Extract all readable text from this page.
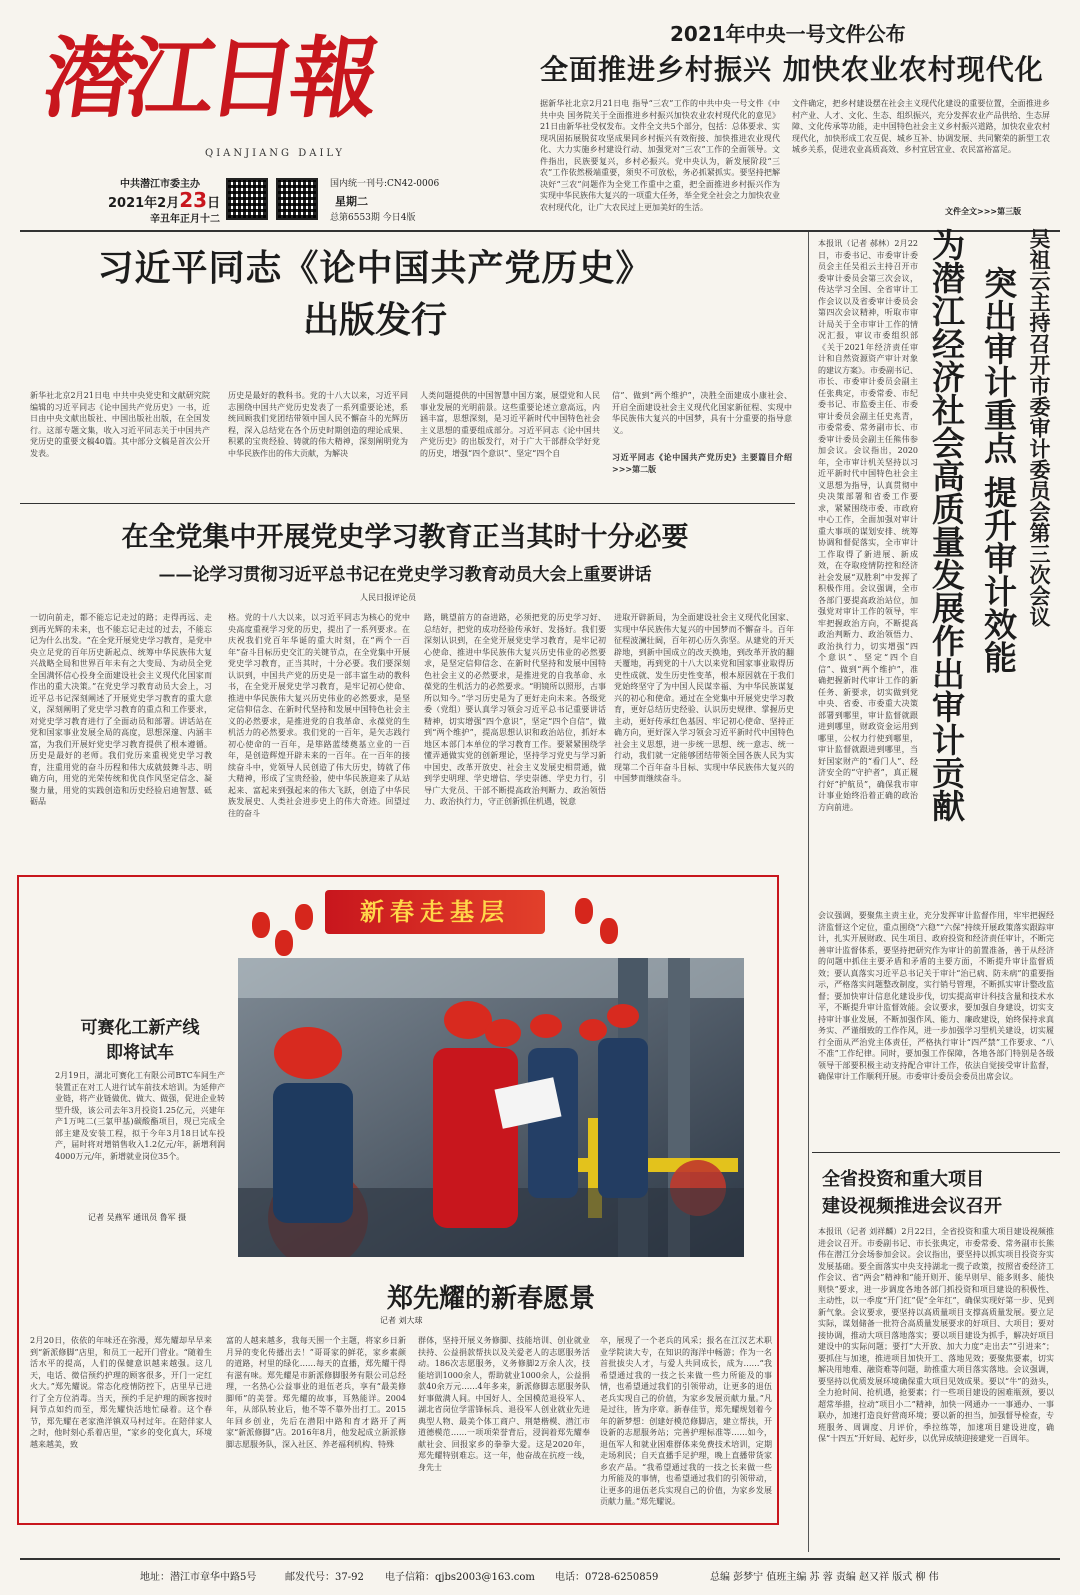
潜江日報
QIANJIANG DAILY
中共潜江市委主办
2021年2月23日
辛丑年正月十二
国内统一刊号:CN42-0006
星期二
总第6553期 今日4版
2021年中央一号文件公布
全面推进乡村振兴 加快农业农村现代化
据新华社北京2月21日电 指导“三农”工作的中共中央一号文件《中共中央 国务院关于全面推进乡村振兴加快农业农村现代化的意见》21日由新华社受权发布。文件全文共5个部分，包括：总体要求、实现巩固拓展脱贫攻坚成果同乡村振兴有效衔接、加快推进农业现代化、大力实施乡村建设行动、加强党对“三农”工作的全面领导。文件指出，民族要复兴，乡村必振兴。党中央认为，新发展阶段“三农”工作依然极端重要，须臾不可放松，务必抓紧抓实。要坚持把解决好“三农”问题作为全党工作重中之重，把全面推进乡村振兴作为实现中华民族伟大复兴的一项重大任务，举全党全社会之力加快农业农村现代化，让广大农民过上更加美好的生活。
文件确定，把乡村建设摆在社会主义现代化建设的重要位置，全面推进乡村产业、人才、文化、生态、组织振兴，充分发挥农业产品供给、生态屏障、文化传承等功能，走中国特色社会主义乡村振兴道路，加快农业农村现代化，加快形成工农互促、城乡互补、协调发展、共同繁荣的新型工农城乡关系，促进农业高质高效、乡村宜居宜业、农民富裕富足。
文件全文>>>第三版
习近平同志《论中国共产党历史》
出版发行
新华社北京2月21日电 中共中央党史和文献研究院编辑的习近平同志《论中国共产党历史》一书，近日由中央文献出版社、中国出版社出版，在全国发行。这部专题文集，收入习近平同志关于中国共产党历史的重要文稿40篇。其中部分文稿是首次公开发表。
历史是最好的教科书。党的十八大以来，习近平同志围绕中国共产党历史发表了一系列重要论述，系统回顾我们党团结带领中国人民不懈奋斗的光辉历程，深入总结党在各个历史时期创造的理论成果、积累的宝贵经验、铸就的伟大精神，深刻阐明党为中华民族作出的伟大贡献，为解决
人类问题提供的中国智慧中国方案，展望党和人民事业发展的光明前景。这些重要论述立意高远，内涵丰富，思想深刻，是习近平新时代中国特色社会主义思想的重要组成部分。习近平同志《论中国共产党历史》的出版发行，对于广大干部群众学好党的历史，增强“四个意识”、坚定“四个自
信”、做到“两个维护”，决胜全面建成小康社会、开启全面建设社会主义现代化国家新征程、实现中华民族伟大复兴的中国梦，具有十分重要的指导意义。
习近平同志《论中国共产党历史》主要篇目介绍>>>第二版
在全党集中开展党史学习教育正当其时十分必要
——论学习贯彻习近平总书记在党史学习教育动员大会上重要讲话
人民日报评论员
一切向前走，都不能忘记走过的路；走得再远、走到再光辉的未来，也不能忘记走过的过去，不能忘记为什么出发。“在全党开展党史学习教育，是党中央立足党的百年历史新起点、统筹中华民族伟大复兴战略全局和世界百年未有之大变局、为动员全党全国满怀信心投身全面建设社会主义现代化国家而作出的重大决策。”在党史学习教育动员大会上，习近平总书记深刻阐述了开展党史学习教育的重大意义，深刻阐明了党史学习教育的重点和工作要求，对党史学习教育进行了全面动员和部署。讲话站在党和国家事业发展全局的高度，思想深邃、内涵丰富，为我们开展好党史学习教育提供了根本遵循。历史是最好的老师。我们党历来重视党史学习教育，注重用党的奋斗历程和伟大成就鼓舞斗志、明确方向，用党的光荣传统和优良作风坚定信念、凝聚力量，用党的实践创造和历史经验启迪智慧、砥砺品
格。党的十八大以来，以习近平同志为核心的党中央高度重视学习党的历史，提出了一系列要求。在庆祝我们党百年华诞的重大时刻，在“两个一百年”奋斗目标历史交汇的关键节点，在全党集中开展党史学习教育，正当其时，十分必要。我们要深刻认识到，中国共产党的历史是一部丰富生动的教科书，在全党开展党史学习教育，是牢记初心使命、推进中华民族伟大复兴历史伟业的必然要求，是坚定信仰信念、在新时代坚持和发展中国特色社会主义的必然要求，是推进党的自我革命、永葆党的生机活力的必然要求。我们党的一百年，是矢志践行初心使命的一百年，是筚路蓝缕奠基立业的一百年，是创造辉煌开辟未来的一百年。在一百年的接续奋斗中，党领导人民创造了伟大历史，铸就了伟大精神，形成了宝贵经验，使中华民族迎来了从站起来、富起来到强起来的伟大飞跃，创造了中华民族发展史、人类社会进步史上的伟大奇迹。回望过往的奋斗
路，眺望前方的奋进路，必须把党的历史学习好、总结好，把党的成功经验传承好、发扬好。我们要深刻认识到，在全党开展党史学习教育，是牢记初心使命、推进中华民族伟大复兴历史伟业的必然要求，是坚定信仰信念、在新时代坚持和发展中国特色社会主义的必然要求，是推进党的自我革命、永葆党的生机活力的必然要求。“明镜所以照形，古事所以知今。”学习历史是为了更好走向未来。各级党委（党组）要认真学习领会习近平总书记重要讲话精神，切实增强“四个意识”，坚定“四个自信”，做到“两个维护”，提高思想认识和政治站位，抓好本地区本部门本单位的学习教育工作。要紧紧围绕学懂弄通做实党的创新理论，坚持学习党史与学习新中国史、改革开放史、社会主义发展史相贯通，做到学史明理、学史增信、学史崇德、学史力行，引导广大党员、干部不断提高政治判断力、政治领悟力、政治执行力，守正创新抓住机遇，锐意
进取开辟新局，为全面建设社会主义现代化国家、实现中华民族伟大复兴的中国梦而不懈奋斗。百年征程波澜壮阔，百年初心历久弥坚。从建党的开天辟地，到新中国成立的改天换地，到改革开放的翻天覆地，再到党的十八大以来党和国家事业取得历史性成就、发生历史性变革，根本原因就在于我们党始终坚守了为中国人民谋幸福、为中华民族谋复兴的初心和使命。通过在全党集中开展党史学习教育，更好总结历史经验、认识历史规律、掌握历史主动，更好传承红色基因、牢记初心使命、坚持正确方向，更好深入学习领会习近平新时代中国特色社会主义思想，进一步统一思想、统一意志、统一行动，我们就一定能够团结带领全国各族人民为实现第二个百年奋斗目标、实现中华民族伟大复兴的中国梦而继续奋斗。
吴祖云主持召开市委审计委员会第三次会议
突出审计重点 提升审计效能
为潜江经济社会高质量发展作出审计贡献
本报讯（记者 郝林）2月22日，市委书记、市委审计委员会主任吴祖云主持召开市委审计委员会第三次会议，传达学习全国、全省审计工作会议以及省委审计委员会第四次会议精神，听取市审计局关于全市审计工作的情况汇报，审议市委组织部《关于2021年经济责任审计和自然资源资产审计对象的建议方案》。市委副书记、市长、市委审计委员会副主任张典定，市委常委、市纪委书记、市监委主任、市委审计委员会副主任史兆青，市委常委、常务副市长、市委审计委员会副主任熊伟参加会议。会议指出，2020年，全市审计机关坚持以习近平新时代中国特色社会主义思想为指导，认真贯彻中央决策部署和省委工作要求，紧紧围绕市委、市政府中心工作，全面加强对审计重大事项的谋划安排、统筹协调和督促落实，全市审计工作取得了新进展、新成效，在夺取疫情防控和经济社会发展“双胜利”中发挥了积极作用。会议强调，全市各部门要提高政治站位，加强党对审计工作的领导，牢牢把握政治方向，不断提高政治判断力、政治领悟力、政治执行力，切实增强“四个意识”、坚定“四个自信”、做到“两个维护”，准确把握新时代审计工作的新任务、新要求，切实做到党中央、省委、市委重大决策部署到哪里，审计监督就跟进到哪里，财政资金运用到哪里，公权力行使到哪里，审计监督就跟进到哪里，当好国家财产的“看门人”、经济安全的“守护者”，真正履行好“护航员”，确保我市审计事业始终沿着正确的政治方向前进。
会议强调，要聚焦主责主业，充分发挥审计监督作用，牢牢把握经济监督这个定位，重点围绕“六稳”“六保”持续开展政策落实跟踪审计，扎实开展财政、民生项目、政府投资和经济责任审计，不断完善审计监督体系，要坚持把研究作为审计的前置准备，善于从经济的问题中抓住主要矛盾和矛盾的主要方面，不断提升审计监督质效；要认真落实习近平总书记关于审计“治已病、防未病”的重要指示，严格落实问题整改制度，实行销号管理，不断抓实审计整改监督；要加快审计信息化建设步伐，切实提高审计科技含量和技术水平，不断提升审计监督效能。会议要求，要加强自身建设，切实支持审计事业发展，不断加强作风、能力、廉政建设，始终保持求真务实、严谨细致的工作作风，进一步加强学习型机关建设，切实履行全面从严治党主体责任，严格执行审计“四严禁”工作要求、“八不准”工作纪律。同时，要加强工作保障，各地各部门特别是各级领导干部要积极主动支持配合审计工作，依法自觉接受审计监督，确保审计工作顺利开展。市委审计委员会委员出席会议。
全省投资和重大项目
建设视频推进会议召开
本报讯（记者 刘祥麟）2月22日，全省投资和重大项目建设视频推进会议召开。市委副书记、市长张典定，市委常委、常务副市长熊伟在潜江分会场参加会议。会议指出，要坚持以抓实项目投资夯实发展基础。要全面落实中央支持湖北一揽子政策，按照省委经济工作会议、省“两会”精神和“能开则开、能早则早、能多则多、能快则快”要求，进一步调度各地各部门抓投资和项目建设的积极性、主动性，以一季度“开门红”促“全年红”，确保实现好第一步、见到新气象。会议要求，要坚持以高质量项目支撑高质量发展。要立足实际，谋划储备一批符合高质量发展要求的好项目、大项目；要对接协调，推动大项目落地落实；要以项目建设为抓手，解决好项目建设中的实际问题；要打“大开放、加大力度“走出去”“引进来”；要抓住与加速，推进项目加快开工、落地见效；要聚焦要素，切实解决用地难、融资难等问题，助推重大项目落实落地。会议强调，要坚持以优质发展环境确保重大项目见效成果。要以“牛”的劲头，全力抢时间、抢机遇，抢要素；行一些项目建设的困难瓶颈，要以超常举措，拉动“项目小二”精神，加快一网通办一一事通办、一事联办，加速打造良好营商环境；要以新的担当，加强督导检查，专班服务、周调度、月评价，季拉练等，加速项目建设进度，确保“十四五”开好局、起好步，以优异成绩迎接建党一百周年。
新春走基层
可赛化工新产线
即将试车
2月19日，湖北可赛化工有限公司BTC车间生产装置正在对工人进行试车前技术培训。为延伸产业链，将产业链做优、做大、做强，促进企业转型升级，该公司去年3月投资1.25亿元，兴建年产1万吨二(三氯甲基)碳酸酯项目，现已完成全部主建及安装工程，拟于今年3月18日试车投产，届时将对增销售收入1.2亿元/年，新增利润4000万元/年，新增就业岗位35个。
记者 吴燕军 通讯员 鲁军 摄
郑先耀的新春愿景
记者 刘大球
2月20日，依依的年味还在弥漫，郑先耀却早早来到“新派修脚”店里，和员工一起开门营业。“随着生活水平的提高，人们的保健意识越来越强。这几天，电话、微信预约护理的顾客很多，开门一定红火大。”郑先耀说。常态化疫情防控下，店里早已进行了全方位消毒。当天，预约手足护理的顾客按时间节点如约而至，郑先耀快活地忙碌着。这个春节，郑先耀在老家渔洋镇双马村过年。在陪伴家人之时，他时刻心系着店里，“家乡的变化真大，环境越来越美，致
富的人越来越多，我每天围一个主题，将家乡日新月异的变化传播出去！”哥哥家的鲜花，家乡素颜的道路，村里的绿化……每天的直播，郑先耀干得有滋有味。郑先耀是市新派修脚服务有限公司总经理，一名热心公益事业的退伍老兵，享有“最美修脚师”的美誉。郑先耀的故事，耳熟能详。2004年，从部队转业后，他不等不靠外出打工。2015年回乡创业，先后在潜阳中路和育才路开了两家“新派修脚”店。2016年8月，他发起成立新派修脚志愿服务队，深入社区、养老福利机构、特殊
群体，坚持开展义务修脚、技能培训、创业就业扶持、公益捐款帮扶以及关爱老人的志愿服务活动。186次志愿服务，义务修脚2万余人次，技能培训1000余人，帮助就业1000余人，公益捐款40余万元……4年多来，新派修脚志愿服务队好事做满人间。中国好人、全国模范退役军人、湖北省岗位学雷锋标兵、退役军人创业就业先进典型人物、最美个体工商户、荆楚楷模、潜江市道德模范……一项项荣誉背后，浸润着郑先耀奉献社会、回报家乡的拳拳大爱。这是2020年，郑先耀特别难忘。这一年，他奋战在抗疫一线，身先士
卒，展现了一个老兵的风采；报名在江汉艺术职业学院读大专，在知识的海洋中畅游；作为一名首批拔尖人才，与爱人共同成长，成为……“我希望通过我的一技之长来做一些力所能及的事情，也希望通过我们的引领带动，让更多的退伍老兵实现自己的价值，为家乡发展贡献力量。”凡是过往，皆为序章。新春佳节，郑先耀规划着今年的新梦想：创建好模范修脚店，建立帮扶，开设新的志愿服务站；完善护理标准等……如今，退伍军人和就业困难群体来免费技术培训，定期走场利民；自天直播手足护理，晚上直播带货家乡农产品。“我希望通过我的一技之长来做一些力所能及的事情，也希望通过我们的引领带动，让更多的退伍老兵实现自己的价值，为家乡发展贡献力量。”郑先耀说。
地址：潜江市章华中路5号	邮发代号：37-92 电子信箱：qjbs2003@163.com 电话：0728-6250859	总编 彭梦宁 值班主编 苏 蓉 责编 赵又祥 版式 柳 伟
